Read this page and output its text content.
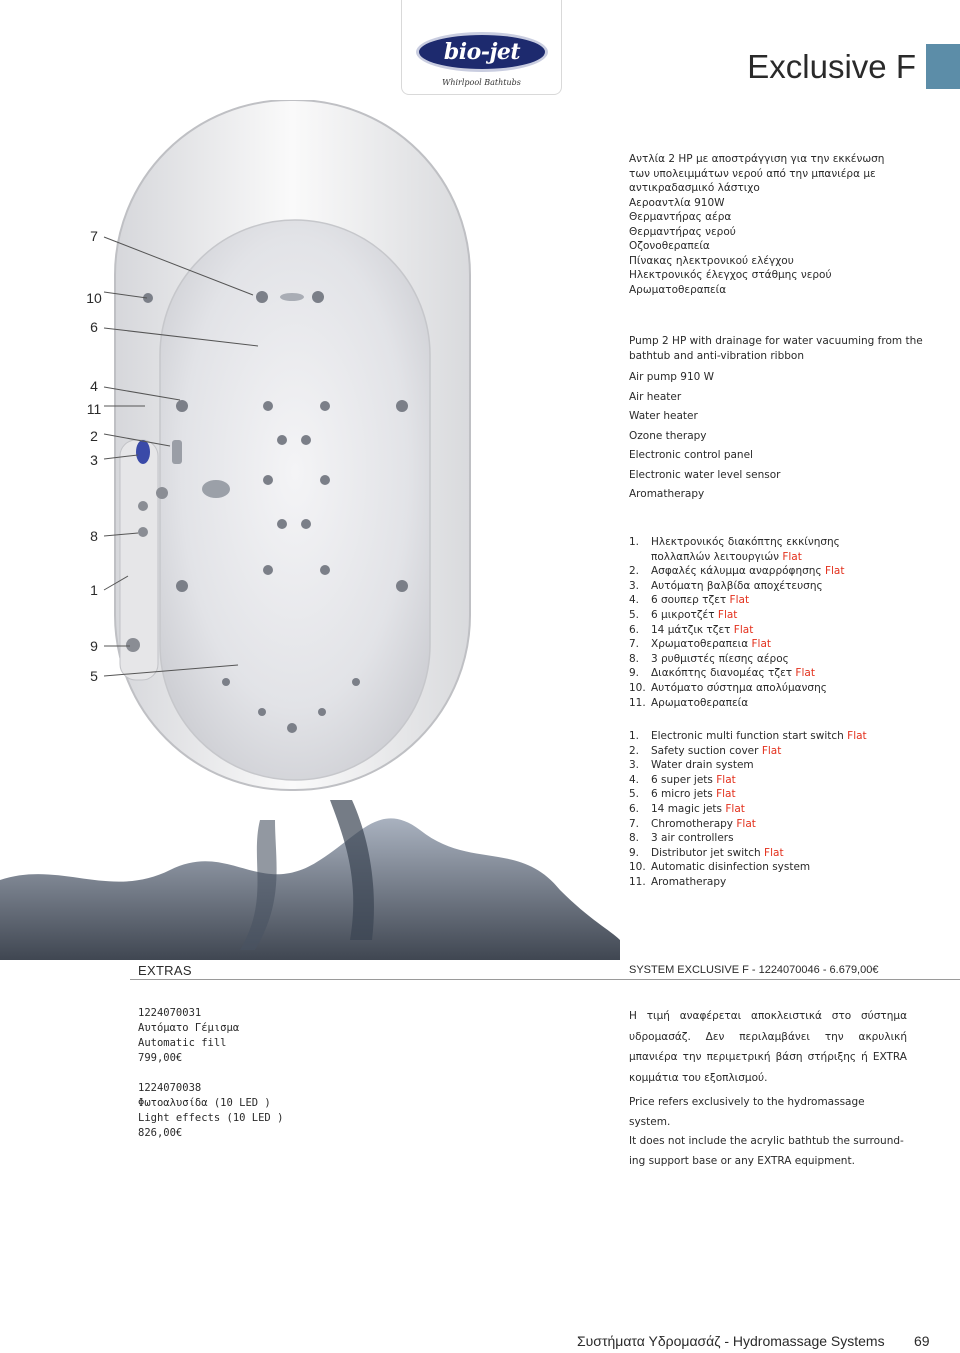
bio-jet
Whirlpool Bathtubs	Exclusive F
7
10
6
4
11
2
3
8
1
9
5
Αντλία 2 HP με αποστράγγιση για την εκκένωση
των υπολειμμάτων νερού από την μπανιέρα με
αντικραδασμικό λάστιχο
Αερoαντλία 910W
Θερμαντήρας αέρα
Θερμαντήρας νερού
Οζονοθεραπεία
Πίνακας ηλεκτρονικού ελέγχου
Ηλεκτρονικός έλεγχος στάθμης νερού
Αρωματοθεραπεία
Pump 2 HP with drainage for water vacuuming from the bathtub and anti-vibration ribbon
Air pump 910 W
Air heater
Water heater
Ozone therapy
Electronic control panel
Electronic water level sensor
Aromatherapy
1.	Ηλεκτρονικός διακόπτης εκκίνησης
πολλαπλών λειτουργιών Flat
2.	Ασφαλές κάλυμμα αναρρόφησης Flat
3.	Αυτόματη βαλβίδα αποχέτευσης
4.	6 σουπερ τζετ Flat
5.	6 μικροτζέτ Flat
6.	14 μάτζικ τζετ Flat
7.	Χρωματοθεραπεια Flat
8.	3 ρυθμιστές πίεσης αέρος
9.	Διακόπτης διανομέας τζετ Flat
10. Αυτόματο σύστημα απολύμανσης
11. Αρωματοθεραπεία
1.	Electronic multi function start switch Flat
2.	Safety suction cover Flat
3.	Water drain system
4.	6 super jets Flat
5.	6 micro jets Flat
6.	14 magic jets Flat
7.	Chromotherapy Flat
8.	3 air controllers
9.	Distributor jet switch Flat
10. Automatic disinfection system
11. Aromatherapy
EXTRAS	SYSTEM EXCLUSIVE F - 1224070046 - 6.679,00€
1224070031
Αυτόματο Γέμισμα
Automatic fill
799,00€
1224070038
Φωτοαλυσίδα (10 LED )
Light effects (10 LED )
826,00€
Η τιμή αναφέρεται αποκλειστικά στο σύστημα υδρομασάζ. Δεν περιλαμβάνει την ακρυλική μπανιέρα την περιμετρική βάση στήριξης ή EXTRA κομμάτια του εξοπλισμού.
Price refers exclusively to the hydromassage system.
It does not include the acrylic bathtub the surround-
ing support base or any EXTRA equipment.
Συστήματα Υδρομασάζ - Hydromassage Systems 69
